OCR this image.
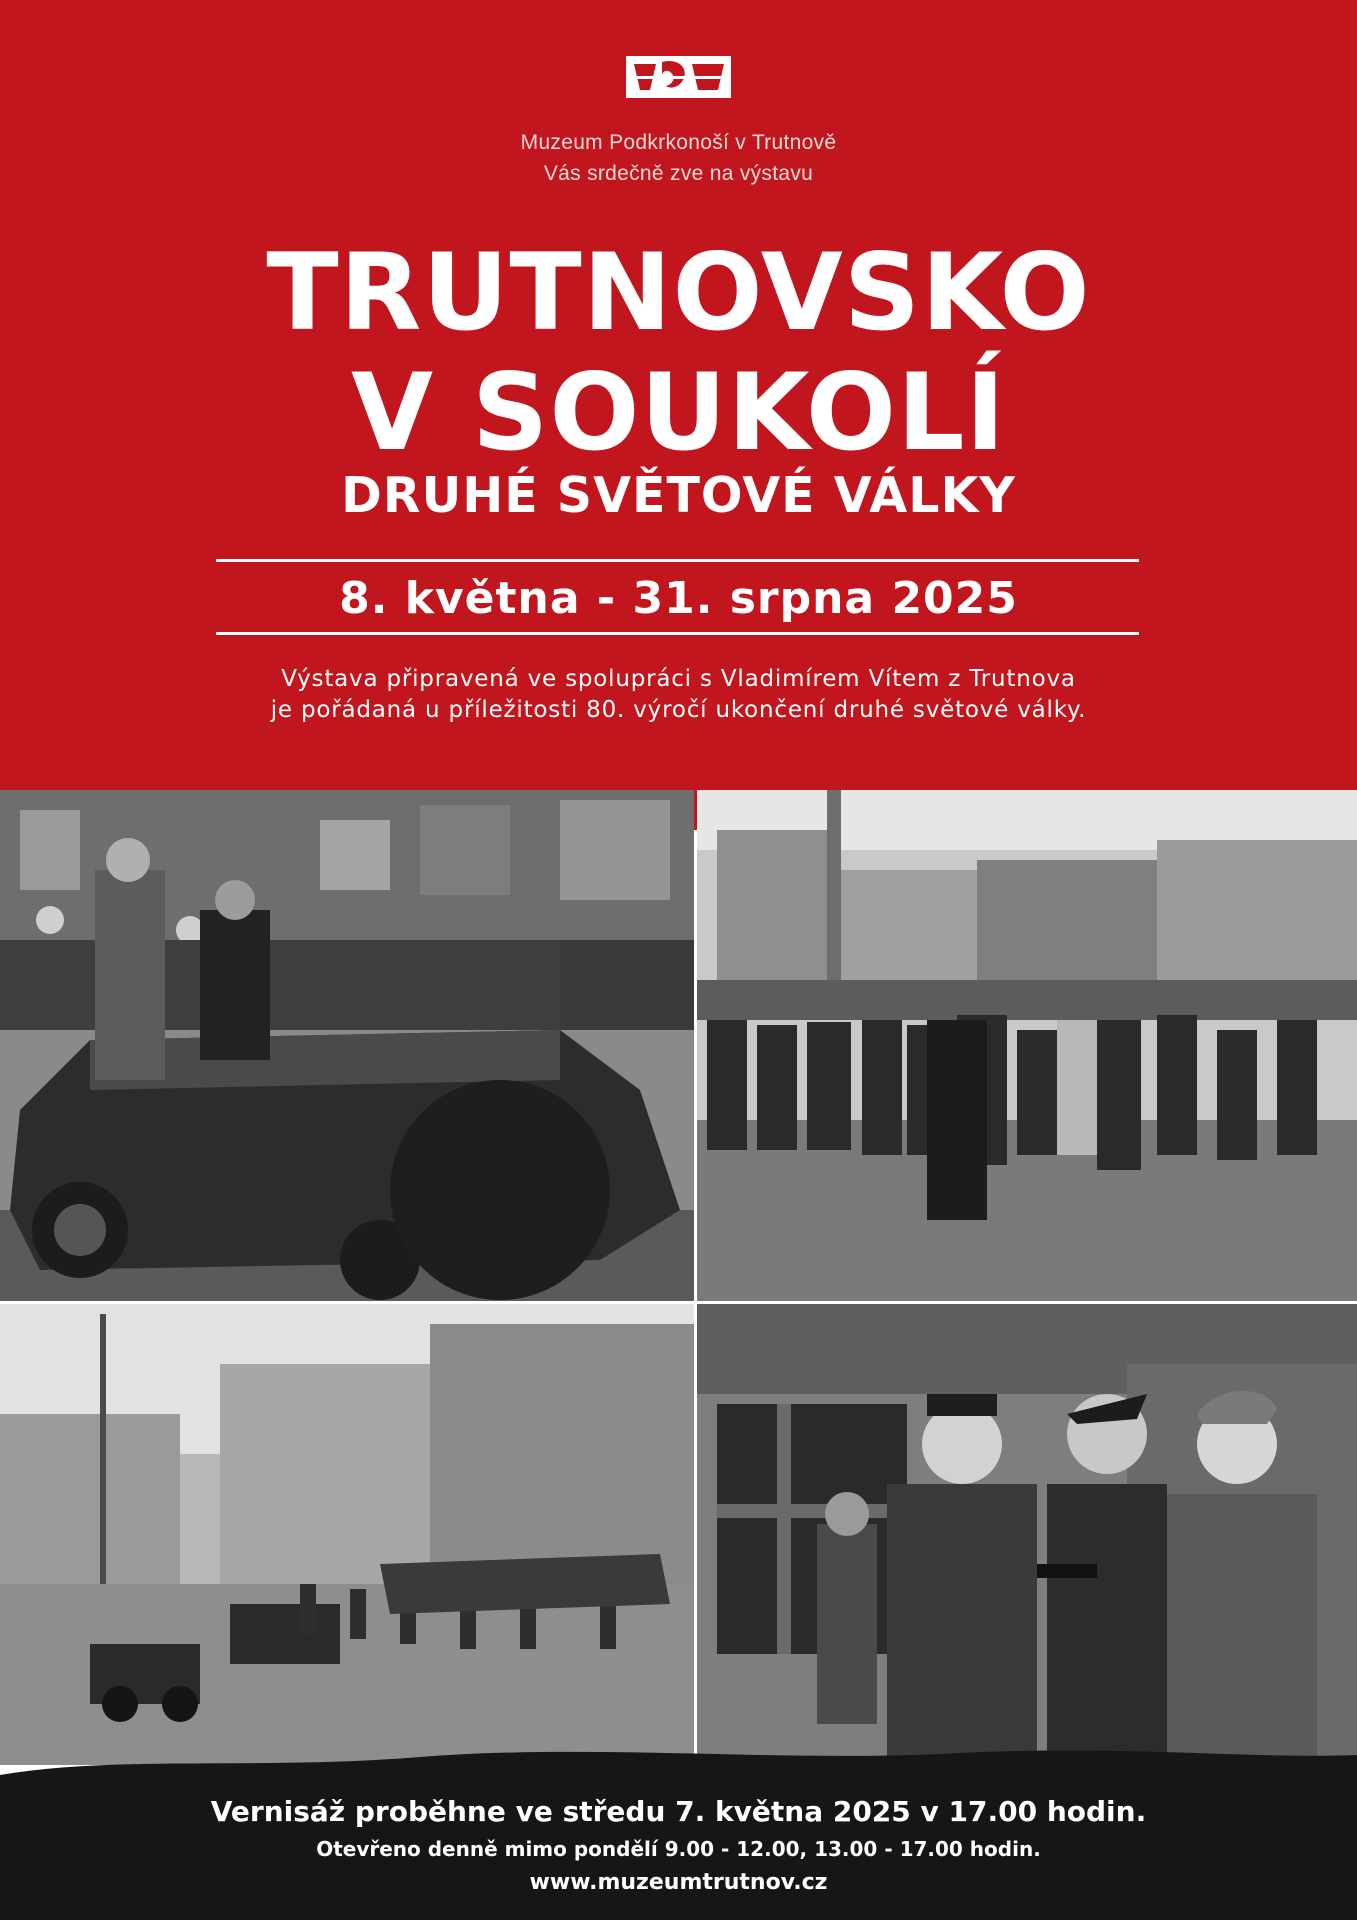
Muzeum Podkrkonoší v Trutnově
Vás srdečně zve na výstavu
TRUTNOVSKO
V SOUKOLÍ
DRUHÉ SVĚTOVÉ VÁLKY
8. května - 31. srpna 2025
Výstava připravená ve spolupráci s Vladimírem Vítem z Trutnova
je pořádaná u příležitosti 80. výročí ukončení druhé světové války.
Vernisáž proběhne ve středu 7. května 2025 v 17.00 hodin.
Otevřeno denně mimo pondělí 9.00 - 12.00, 13.00 - 17.00 hodin.
www.muzeumtrutnov.cz
